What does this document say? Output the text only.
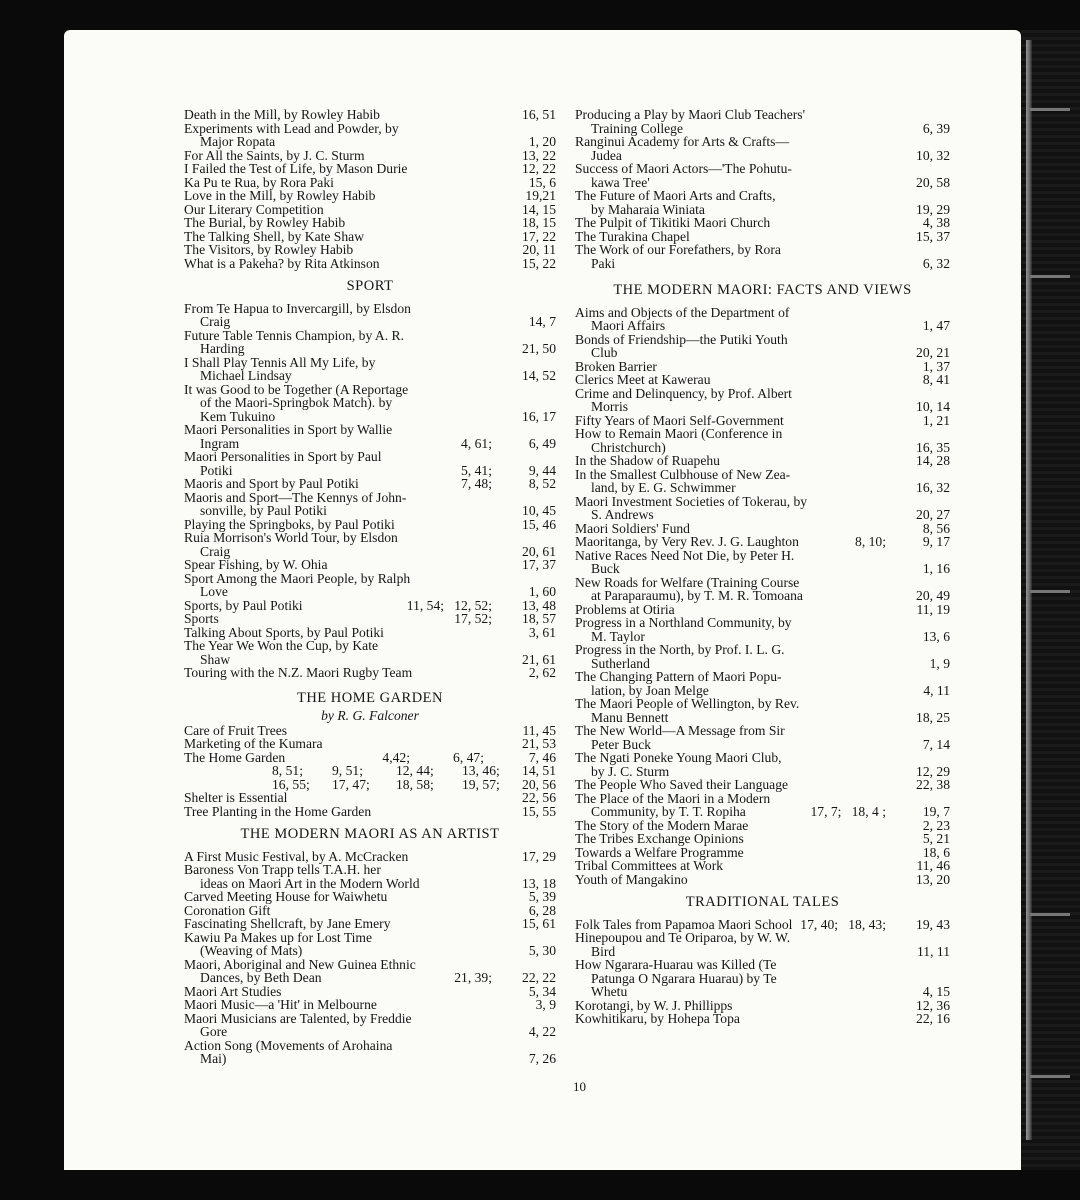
Death in the Mill, by Rowley Habib	16, 51
Experiments with Lead and Powder, by
Major Ropata	1, 20
For All the Saints, by J. C. Sturm	13, 22
I Failed the Test of Life, by Mason Durie	12, 22
Ka Pu te Rua, by Rora Paki	15, 6
Love in the Mill, by Rowley Habib	19,21
Our Literary Competition	14, 15
The Burial, by Rowley Habib	18, 15
The Talking Shell, by Kate Shaw	17, 22
The Visitors, by Rowley Habib	20, 11
What is a Pakeha? by Rita Atkinson	15, 22
SPORT
From Te Hapua to Invercargill, by Elsdon
Craig	14, 7
Future Table Tennis Champion, by A. R.
Harding	21, 50
I Shall Play Tennis All My Life, by
Michael Lindsay	14, 52
It was Good to be Together (A Reportage
of the Maori-Springbok Match). by
Kem Tukuino	16, 17
Maori Personalities in Sport by Wallie
Ingram	4, 61;	6, 49
Maori Personalities in Sport by Paul
Potiki	5, 41;	9, 44
Maoris and Sport by Paul Potiki	7, 48;	8, 52
Maoris and Sport—The Kennys of John-
sonville, by Paul Potiki	10, 45
Playing the Springboks, by Paul Potiki	15, 46
Ruia Morrison's World Tour, by Elsdon
Craig	20, 61
Spear Fishing, by W. Ohia	17, 37
Sport Among the Maori People, by Ralph
Love	1, 60
Sports, by Paul Potiki	11, 54;   12, 52; 13, 48
Sports	17, 52; 18, 57
Talking About Sports, by Paul Potiki	3, 61
The Year We Won the Cup, by Kate
Shaw	21, 61
Touring with the N.Z. Maori Rugby Team	2, 62
THE HOME GARDEN
by R. G. Falconer
Care of Fruit Trees	11, 45
Marketing of the Kumara	21, 53
The Home Garden	4,42;	6, 47;	7, 46
8, 51; 9, 51; 12, 44; 13, 46; 14, 51
16, 55; 17, 47; 18, 58; 19, 57; 20, 56
Shelter is Essential	22, 56
Tree Planting in the Home Garden	15, 55
THE MODERN MAORI AS AN ARTIST
A First Music Festival, by A. McCracken	17, 29
Baroness Von Trapp tells T.A.H. her
ideas on Maori Art in the Modern World	13, 18
Carved Meeting House for Waiwhetu	5, 39
Coronation Gift	6, 28
Fascinating Shellcraft, by Jane Emery	15, 61
Kawiu Pa Makes up for Lost Time
(Weaving of Mats)	5, 30
Maori, Aboriginal and New Guinea Ethnic
Dances, by Beth Dean	21, 39; 22, 22
Maori Art Studies	5, 34
Maori Music—a 'Hit' in Melbourne	3, 9
Maori Musicians are Talented, by Freddie
Gore	4, 22
Action Song (Movements of Arohaina
Mai)	7, 26
Producing a Play by Maori Club Teachers'
Training College	6, 39
Ranginui Academy for Arts & Crafts—
Judea	10, 32
Success of Maori Actors—'The Pohutu-
kawa Tree'	20, 58
The Future of Maori Arts and Crafts,
by Maharaia Winiata	19, 29
The Pulpit of Tikitiki Maori Church	4, 38
The Turakina Chapel	15, 37
The Work of our Forefathers, by Rora
Paki	6, 32
THE MODERN MAORI: FACTS AND VIEWS
Aims and Objects of the Department of
Maori Affairs	1, 47
Bonds of Friendship—the Putiki Youth
Club	20, 21
Broken Barrier	1, 37
Clerics Meet at Kawerau	8, 41
Crime and Delinquency, by Prof. Albert
Morris	10, 14
Fifty Years of Maori Self-Government	1, 21
How to Remain Maori (Conference in
Christchurch)	16, 35
In the Shadow of Ruapehu	14, 28
In the Smallest Culbhouse of New Zea-
land, by E. G. Schwimmer	16, 32
Maori Investment Societies of Tokerau, by
S. Andrews	20, 27
Maori Soldiers' Fund	8, 56
Maoritanga, by Very Rev. J. G. Laughton	8, 10;	9, 17
Native Races Need Not Die, by Peter H.
Buck	1, 16
New Roads for Welfare (Training Course
at Paraparaumu), by T. M. R. Tomoana	20, 49
Problems at Otiria	11, 19
Progress in a Northland Community, by
M. Taylor	13, 6
Progress in the North, by Prof. I. L. G.
Sutherland	1, 9
The Changing Pattern of Maori Popu-
lation, by Joan Melge	4, 11
The Maori People of Wellington, by Rev.
Manu Bennett	18, 25
The New World—A Message from Sir
Peter Buck	7, 14
The Ngati Poneke Young Maori Club,
by J. C. Sturm	12, 29
The People Who Saved their Language	22, 38
The Place of the Maori in a Modern
Community, by T. T. Ropiha	17, 7;   18, 4 ;	19, 7
The Story of the Modern Marae	2, 23
The Tribes Exchange Opinions	5, 21
Towards a Welfare Programme	18, 6
Tribal Committees at Work	11, 46
Youth of Mangakino	13, 20
TRADITIONAL TALES
Folk Tales from Papamoa Maori School 17, 40;   18, 43; 19, 43
Hinepoupou and Te Oriparoa, by W. W.
Bird	11, 11
How Ngarara-Huarau was Killed (Te
Patunga O Ngarara Huarau) by Te
Whetu	4, 15
Korotangi, by W. J. Phillipps	12, 36
Kowhitikaru, by Hohepa Topa	22, 16
10
